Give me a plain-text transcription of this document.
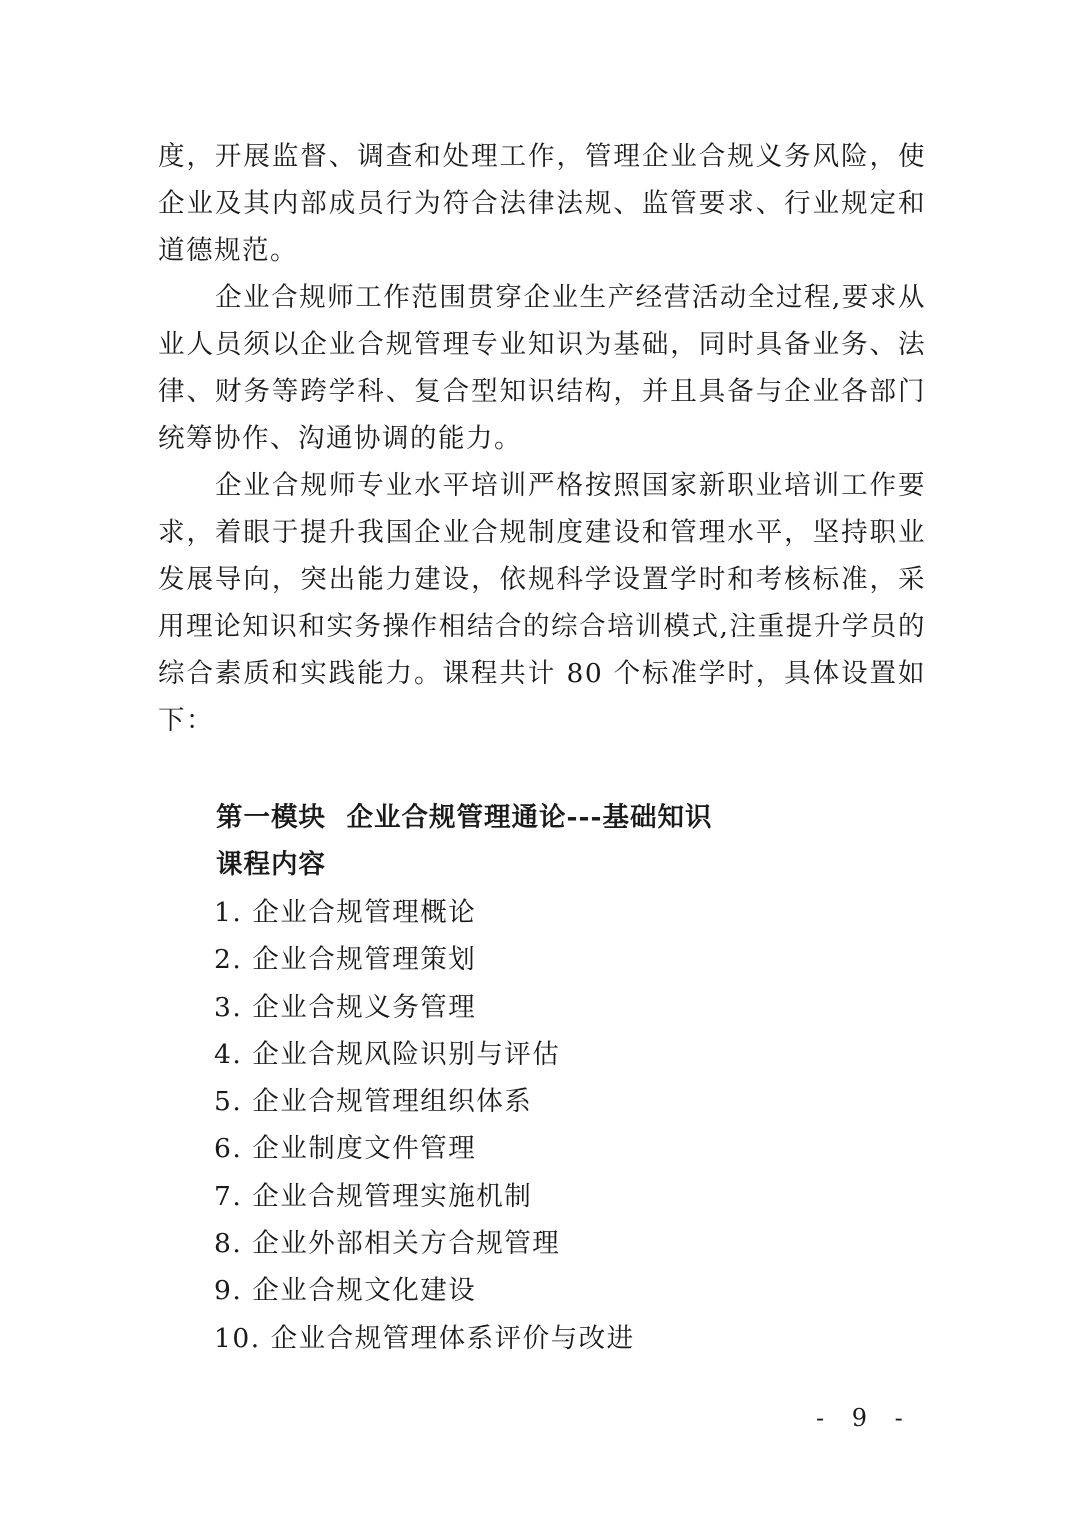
度，开展监督、调查和处理工作，管理企业合规义务风险，使企业及其内部成员行为符合法律法规、监管要求、行业规定和道德规范。

企业合规师工作范围贯穿企业生产经营活动全过程,要求从业人员须以企业合规管理专业知识为基础，同时具备业务、法律、财务等跨学科、复合型知识结构，并且具备与企业各部门统筹协作、沟通协调的能力。

企业合规师专业水平培训严格按照国家新职业培训工作要求，着眼于提升我国企业合规制度建设和管理水平，坚持职业发展导向，突出能力建设，依规科学设置学时和考核标准，采用理论知识和实务操作相结合的综合培训模式,注重提升学员的综合素质和实践能力。课程共计 80 个标准学时，具体设置如下：

第一模块  企业合规管理通论---基础知识
课程内容
1. 企业合规管理概论
2. 企业合规管理策划
3. 企业合规义务管理
4. 企业合规风险识别与评估
5. 企业合规管理组织体系
6. 企业制度文件管理
7. 企业合规管理实施机制
8. 企业外部相关方合规管理
9. 企业合规文化建设
10. 企业合规管理体系评价与改进
- 9 -
